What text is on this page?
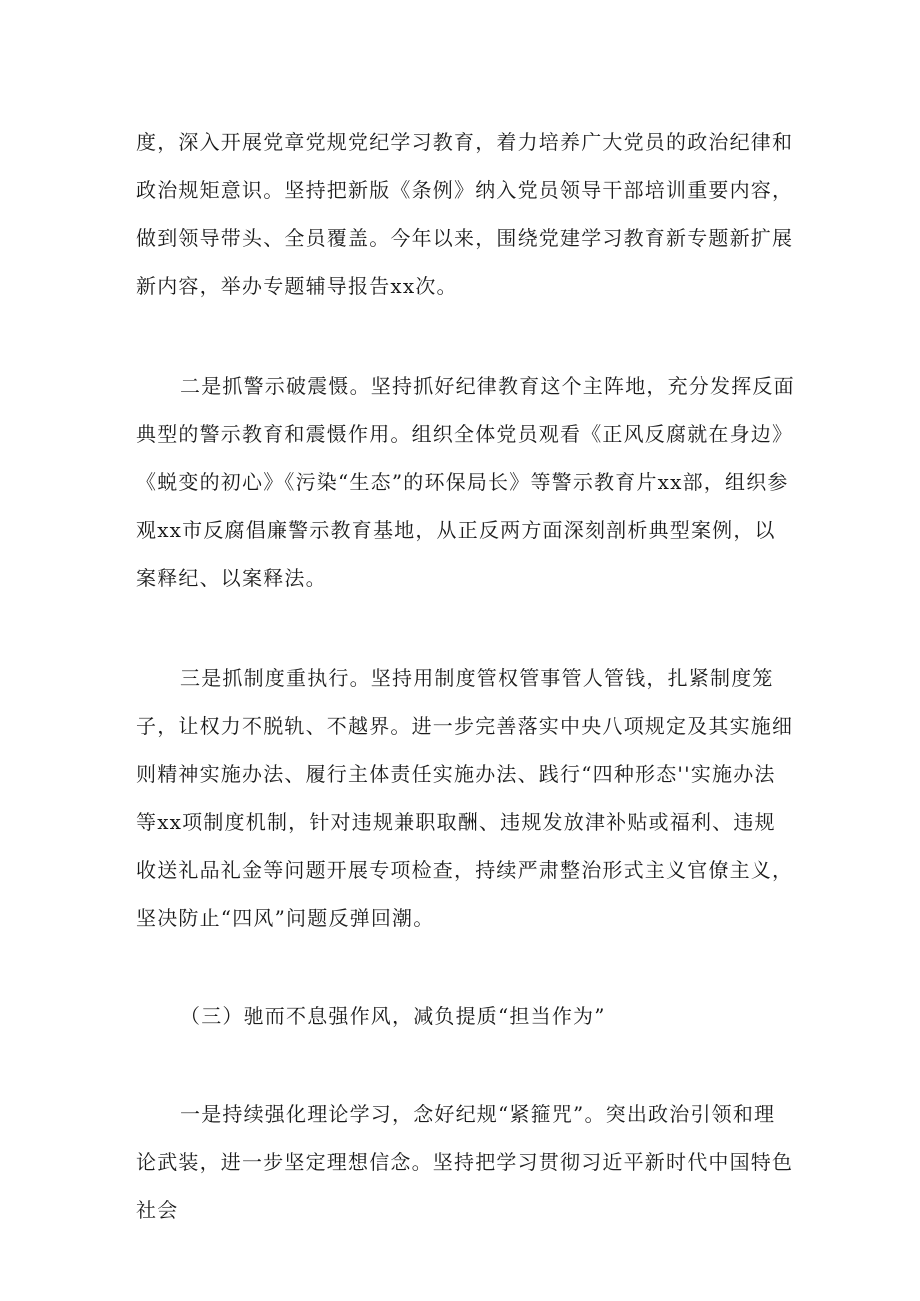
度，深入开展党章党规党纪学习教育，着力培养广大党员的政治纪律和政治规矩意识。坚持把新版《条例》纳入党员领导干部培训重要内容，做到领导带头、全员覆盖。今年以来，围绕党建学习教育新专题新扩展新内容，举办专题辅导报告xx次。

二是抓警示破震慑。坚持抓好纪律教育这个主阵地，充分发挥反面典型的警示教育和震慑作用。组织全体党员观看《正风反腐就在身边》《蜕变的初心》《污染“生态”的环保局长》等警示教育片xx部，组织参观xx市反腐倡廉警示教育基地，从正反两方面深刻剖析典型案例，以案释纪、以案释法。

三是抓制度重执行。坚持用制度管权管事管人管钱，扎紧制度笼子，让权力不脱轨、不越界。进一步完善落实中央八项规定及其实施细则精神实施办法、履行主体责任实施办法、践行“四种形态''实施办法等xx项制度机制，针对违规兼职取酬、违规发放津补贴或福利、违规收送礼品礼金等问题开展专项检查，持续严肃整治形式主义官僚主义，坚决防止“四风”问题反弹回潮。

（三）驰而不息强作风，减负提质“担当作为”

一是持续强化理论学习，念好纪规“紧箍咒”。突出政治引领和理论武装，进一步坚定理想信念。坚持把学习贯彻习近平新时代中国特色社会
